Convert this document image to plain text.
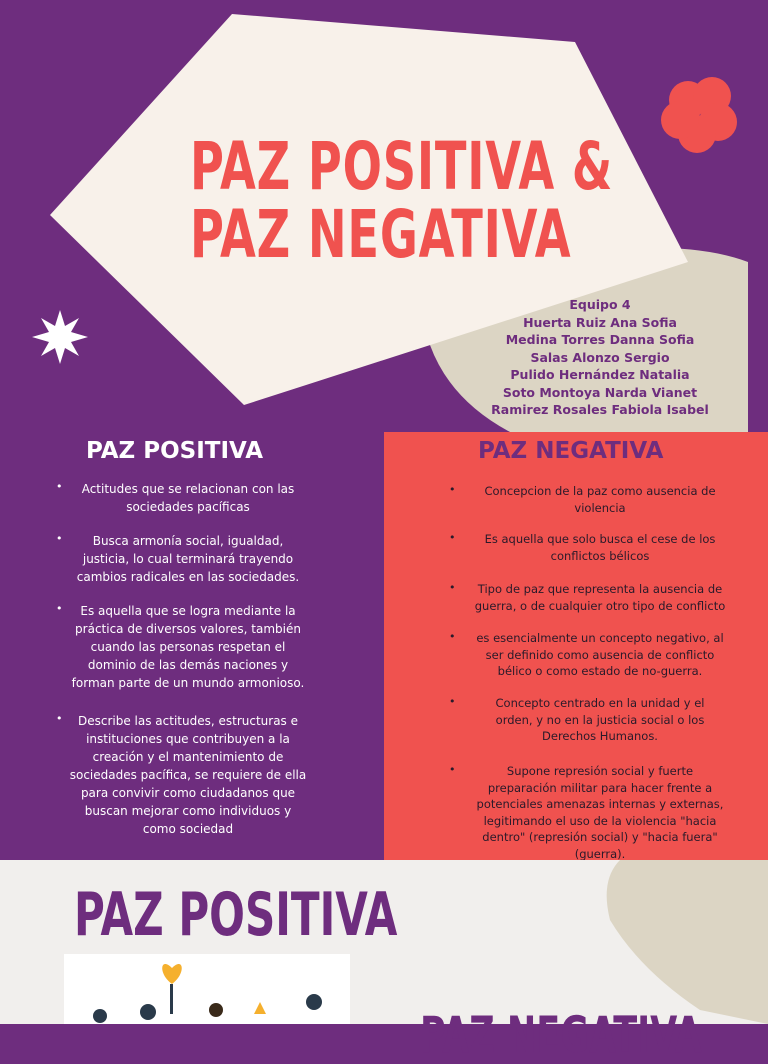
PAZ POSITIVA &
PAZ NEGATIVA
Equipo 4
Huerta Ruiz Ana Sofia
Medina Torres Danna Sofia
Salas Alonzo Sergio
Pulido Hernández Natalia
Soto Montoya Narda Vianet
Ramirez Rosales Fabiola Isabel
PAZ POSITIVA	PAZ NEGATIVA
•	Actitudes que se relacionan con las
sociedades pacíficas
•	Busca armonía social, igualdad,
justicia, lo cual terminará trayendo
cambios radicales en las sociedades.
•	Es aquella que se logra mediante la
práctica de diversos valores, también
cuando las personas respetan el
dominio de las demás naciones y
forman parte de un mundo armonioso.
•	Describe las actitudes, estructuras e
instituciones que contribuyen a la
creación y el mantenimiento de
sociedades pacífica, se requiere de ella
para convivir como ciudadanos que
buscan mejorar como individuos y
como sociedad
•	Concepcion de la paz como ausencia de
violencia
•	Es aquella que solo busca el cese de los
conflictos bélicos
•	Tipo de paz que representa la ausencia de
guerra, o de cualquier otro tipo de conflicto
•	es esencialmente un concepto negativo, al
ser definido como ausencia de conflicto
bélico o como estado de no-guerra.
•	Concepto centrado en la unidad y el
orden, y no en la justicia social o los
Derechos Humanos.
•	Supone represión social y fuerte
preparación militar para hacer frente a
potenciales amenazas internas y externas,
legitimando el uso de la violencia "hacia
dentro" (represión social) y "hacia fuera"
(guerra).
PAZ POSITIVA
PAZ NEGATIVA
